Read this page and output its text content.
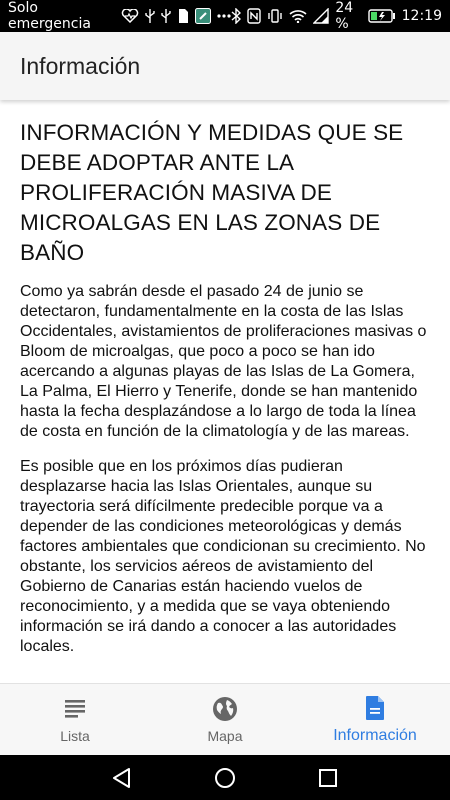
Solo emergencia
24 %	12:19
Información
INFORMACIÓN Y MEDIDAS QUE SE DEBE ADOPTAR ANTE LA PROLIFERACIÓN MASIVA DE MICROALGAS EN LAS ZONAS DE BAÑO

Como ya sabrán desde el pasado 24 de junio se detectaron, fundamentalmente en la costa de las Islas Occidentales, avistamientos de proliferaciones masivas o Bloom de microalgas, que poco a poco se han ido acercando a algunas playas de las Islas de La Gomera, La Palma, El Hierro y Tenerife, donde se han mantenido hasta la fecha desplazándose a lo largo de toda la línea de costa en función de la climatología y de las mareas.

Es posible que en los próximos días pudieran desplazarse hacia las Islas Orientales, aunque su trayectoria será difícilmente predecible porque va a depender de las condiciones meteorológicas y demás factores ambientales que condicionan su crecimiento. No obstante, los servicios aéreos de avistamiento del Gobierno de Canarias están haciendo vuelos de reconocimiento, y a medida que se vaya obteniendo información se irá dando a conocer a las autoridades locales.

Lista	Mapa	Información
